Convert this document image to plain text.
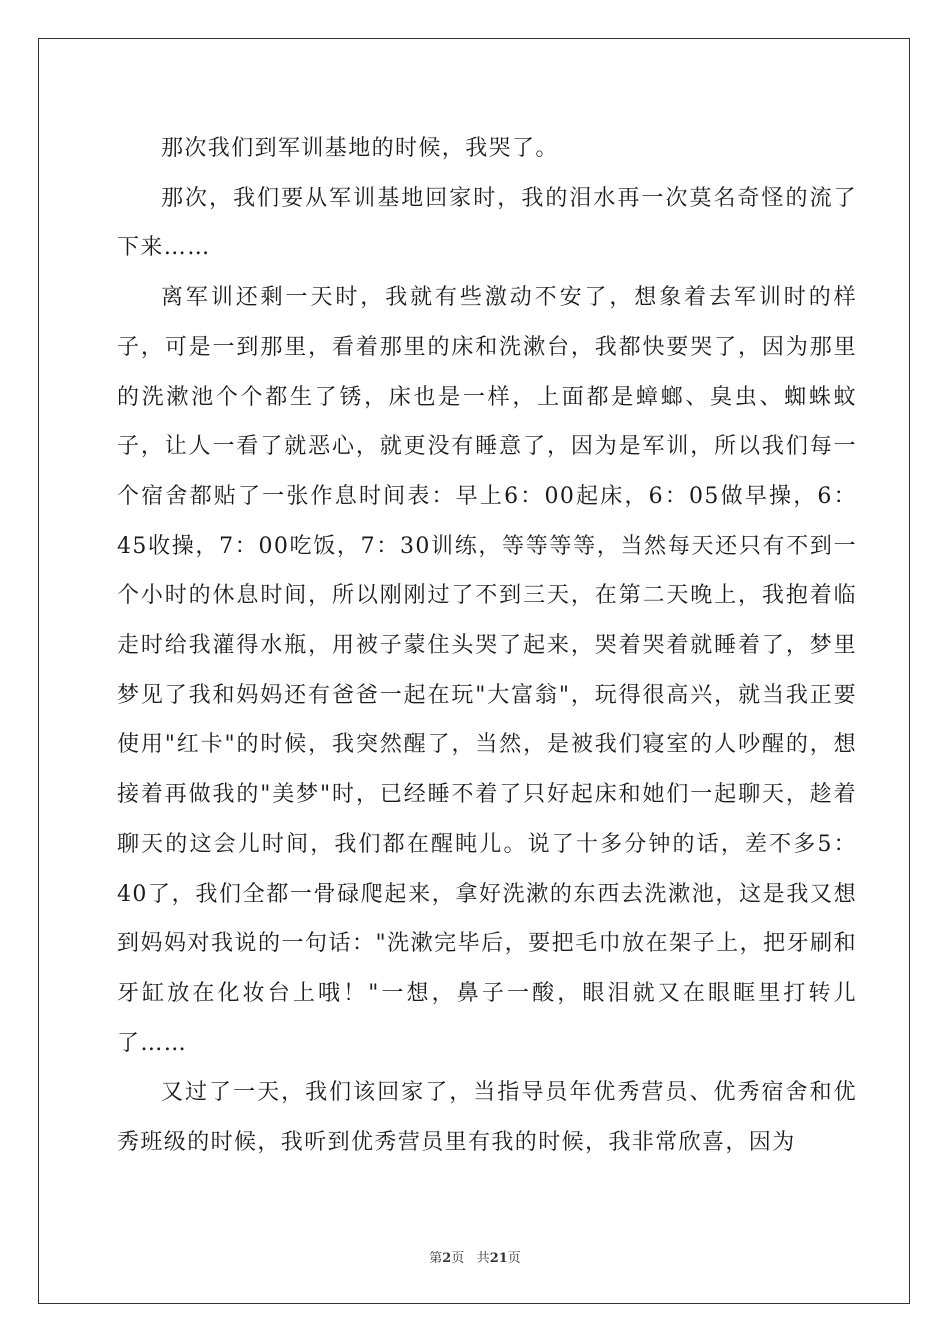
那次我们到军训基地的时候，我哭了。

那次，我们要从军训基地回家时，我的泪水再一次莫名奇怪的流了下来……

离军训还剩一天时，我就有些激动不安了，想象着去军训时的样子，可是一到那里，看着那里的床和洗漱台，我都快要哭了，因为那里的洗漱池个个都生了锈，床也是一样，上面都是蟑螂、臭虫、蜘蛛蚊子，让人一看了就恶心，就更没有睡意了，因为是军训，所以我们每一个宿舍都贴了一张作息时间表：早上6：00起床，6：05做早操，6：45收操，7：00吃饭，7：30训练，等等等等，当然每天还只有不到一个小时的休息时间，所以刚刚过了不到三天，在第二天晚上，我抱着临走时给我灌得水瓶，用被子蒙住头哭了起来，哭着哭着就睡着了，梦里梦见了我和妈妈还有爸爸一起在玩"大富翁"，玩得很高兴，就当我正要使用"红卡"的时候，我突然醒了，当然，是被我们寝室的人吵醒的，想接着再做我的"美梦"时，已经睡不着了只好起床和她们一起聊天，趁着聊天的这会儿时间，我们都在醒盹儿。说了十多分钟的话，差不多5：40了，我们全都一骨碌爬起来，拿好洗漱的东西去洗漱池，这是我又想到妈妈对我说的一句话："洗漱完毕后，要把毛巾放在架子上，把牙刷和牙缸放在化妆台上哦！"一想，鼻子一酸，眼泪就又在眼眶里打转儿了……

又过了一天，我们该回家了，当指导员年优秀营员、优秀宿舍和优秀班级的时候，我听到优秀营员里有我的时候，我非常欣喜，因为

第2页 共21页
